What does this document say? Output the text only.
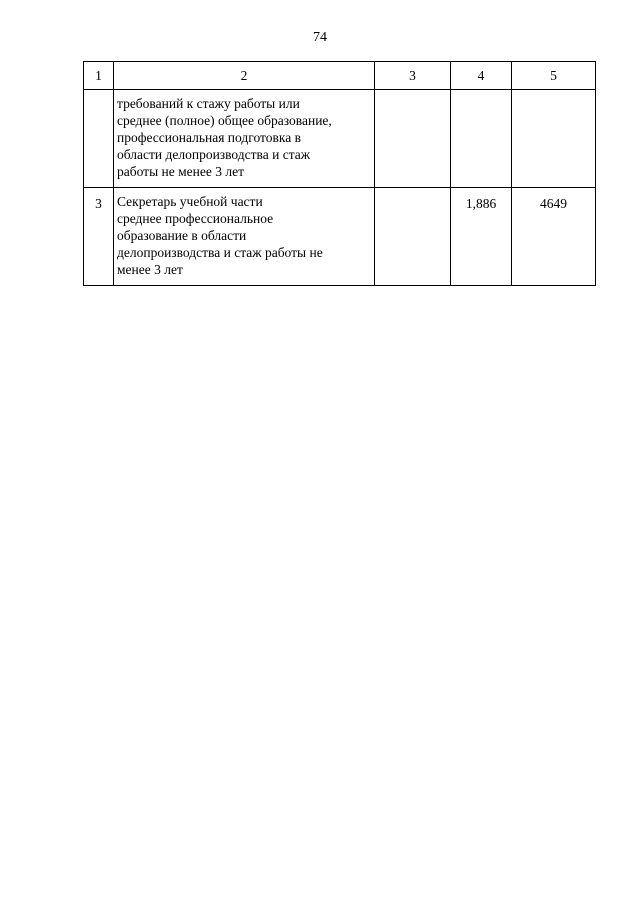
74
1	2	3	4	5

	требований к стажу работы или
среднее (полное) общее образование,
профессиональная подготовка в
области делопроизводства и стаж
работы не менее 3 лет			

3	Секретарь учебной части
среднее профессиональное
образование в области
делопроизводства и стаж работы не
менее 3 лет		1,886	4649
